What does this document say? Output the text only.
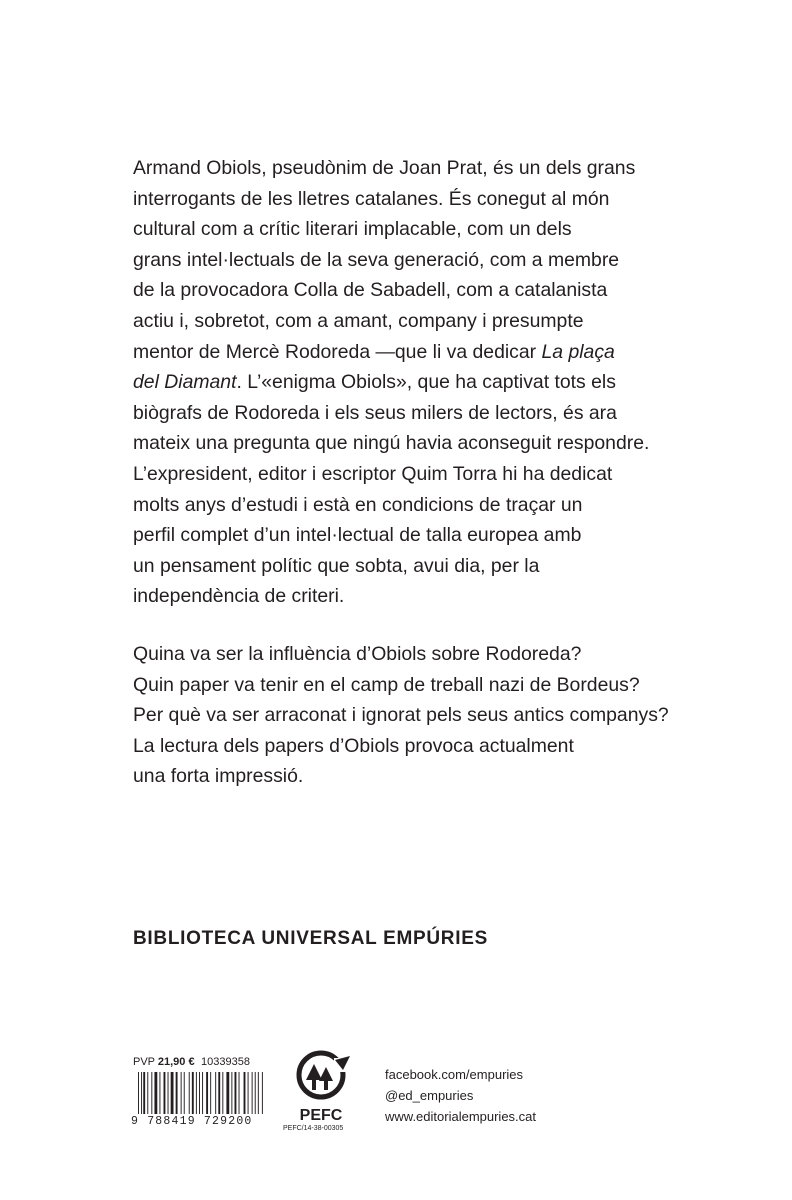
Armand Obiols, pseudònim de Joan Prat, és un dels grans
interrogants de les lletres catalanes. És conegut al món
cultural com a crític literari implacable, com un dels
grans intel·lectuals de la seva generació, com a membre
de la provocadora Colla de Sabadell, com a catalanista
actiu i, sobretot, com a amant, company i presumpte
mentor de Mercè Rodoreda —que li va dedicar La plaça
del Diamant. L’«enigma Obiols», que ha captivat tots els
biògrafs de Rodoreda i els seus milers de lectors, és ara
mateix una pregunta que ningú havia aconseguit respondre.
L’expresident, editor i escriptor Quim Torra hi ha dedicat
molts anys d’estudi i està en condicions de traçar un
perfil complet d’un intel·lectual de talla europea amb
un pensament polític que sobta, avui dia, per la
independència de criteri.
Quina va ser la influència d’Obiols sobre Rodoreda?
Quin paper va tenir en el camp de treball nazi de Bordeus?
Per què va ser arraconat i ignorat pels seus antics companys?
La lectura dels papers d’Obiols provoca actualment
una forta impressió.
BIBLIOTECA UNIVERSAL EMPÚRIES
PVP 21,90 € 10339358
9 788419 729200	PEFC
PEFC/14-38-00305
facebook.com/empuries
@ed_empuries
www.editorialempuries.cat
